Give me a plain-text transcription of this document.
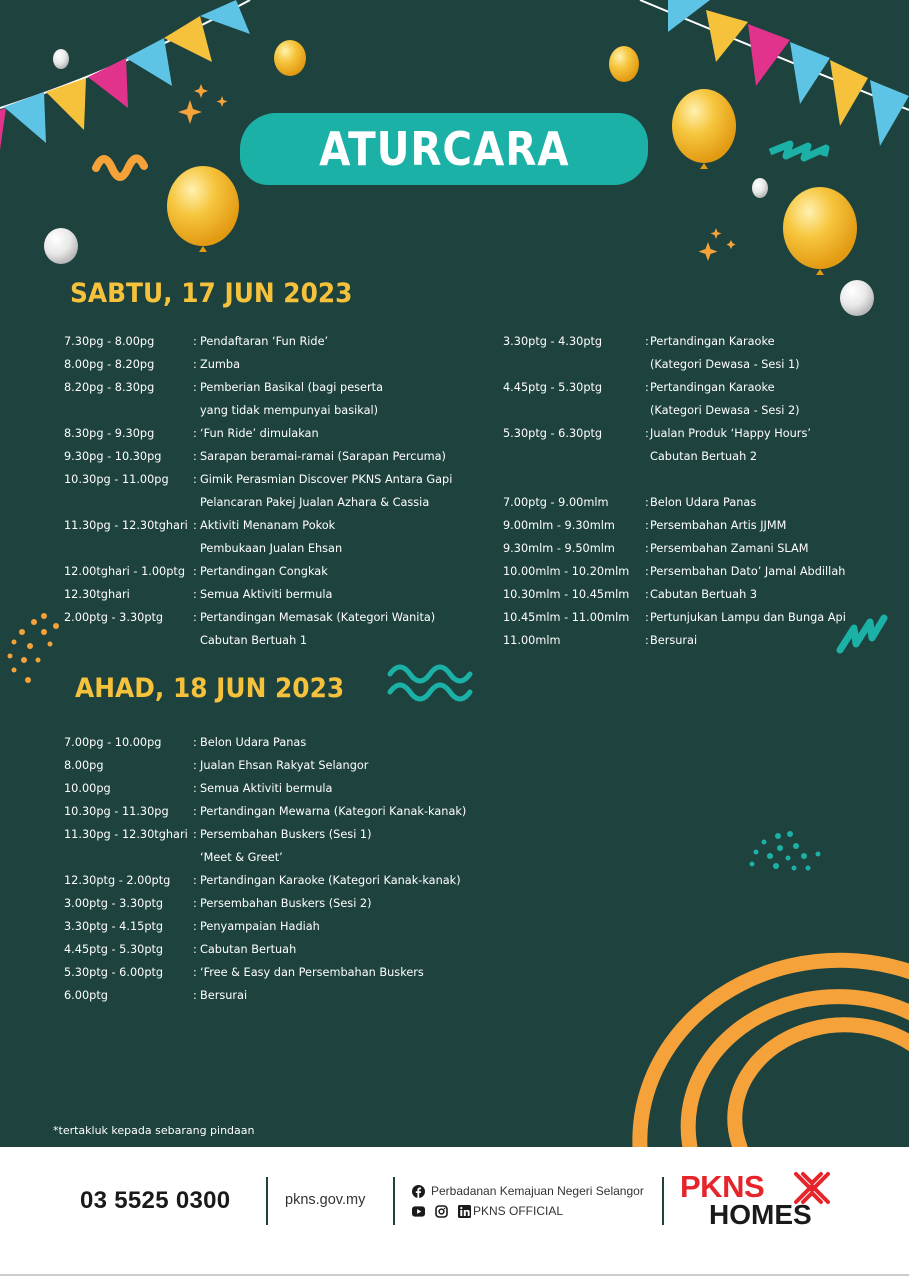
ATURCARA
SABTU, 17 JUN 2023
7.30pg - 8.00pg	: Pendaftaran ‘Fun Ride’
8.00pg - 8.20pg	: Zumba
8.20pg - 8.30pg	: Pemberian Basikal (bagi peserta
yang tidak mempunyai basikal)
8.30pg - 9.30pg	: ‘Fun Ride’ dimulakan
9.30pg - 10.30pg	: Sarapan beramai-ramai (Sarapan Percuma)
10.30pg - 11.00pg : Gimik Perasmian Discover PKNS Antara Gapi
Pelancaran Pakej Jualan Azhara & Cassia
11.30pg - 12.30tghari : Aktiviti Menanam Pokok
Pembukaan Jualan Ehsan
12.00tghari - 1.00ptg : Pertandingan Congkak
12.30tghari	: Semua Aktiviti bermula
2.00ptg - 3.30ptg	: Pertandingan Memasak (Kategori Wanita)
Cabutan Bertuah 1
3.30ptg - 4.30ptg	: Pertandingan Karaoke
(Kategori Dewasa - Sesi 1)
4.45ptg - 5.30ptg	: Pertandingan Karaoke
(Kategori Dewasa - Sesi 2)
5.30ptg - 6.30ptg	: Jualan Produk ‘Happy Hours’
Cabutan Bertuah 2
7.00ptg - 9.00mlm	: Belon Udara Panas
9.00mlm - 9.30mlm	: Persembahan Artis JJMM
9.30mlm - 9.50mlm	: Persembahan Zamani SLAM
10.00mlm - 10.20mlm : Persembahan Dato’ Jamal Abdillah
10.30mlm - 10.45mlm : Cabutan Bertuah 3
10.45mlm - 11.00mlm : Pertunjukan Lampu dan Bunga Api
11.00mlm	: Bersurai
AHAD, 18 JUN 2023
7.00pg - 10.00pg	: Belon Udara Panas
8.00pg	: Jualan Ehsan Rakyat Selangor
10.00pg	: Semua Aktiviti bermula
10.30pg - 11.30pg : Pertandingan Mewarna (Kategori Kanak-kanak)
11.30pg - 12.30tghari : Persembahan Buskers (Sesi 1)
‘Meet & Greet’
12.30ptg - 2.00ptg : Pertandingan Karaoke (Kategori Kanak-kanak)
3.00ptg - 3.30ptg	: Persembahan Buskers (Sesi 2)
3.30ptg - 4.15ptg	: Penyampaian Hadiah
4.45ptg - 5.30ptg	: Cabutan Bertuah
5.30ptg - 6.00ptg	: ‘Free & Easy dan Persembahan Buskers
6.00ptg	: Bersurai
*tertakluk kepada sebarang pindaan
03 5525 0300	pkns.gov.my
Perbadanan Kemajuan Negeri Selangor
PKNS OFFICIAL
PKNS
HOMES
